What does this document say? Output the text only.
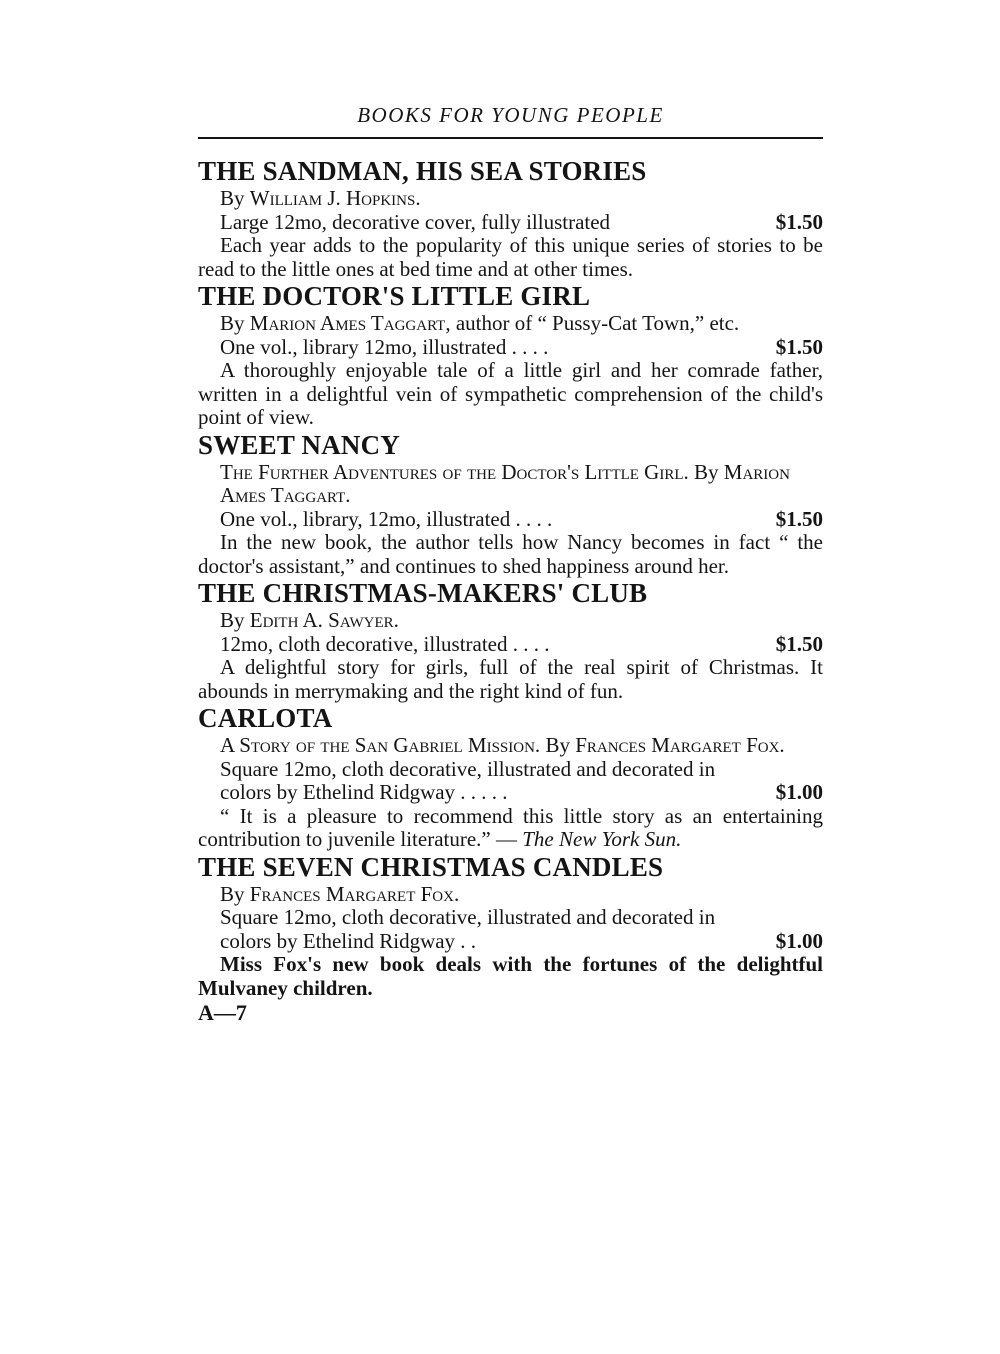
BOOKS FOR YOUNG PEOPLE

THE SANDMAN, HIS SEA STORIES

By William J. Hopkins.

Large 12mo, decorative cover, fully illustrated	$1.50

Each year adds to the popularity of this unique series of stories to be read to the little ones at bed time and at other times.

THE DOCTOR'S LITTLE GIRL

By Marion Ames Taggart, author of “ Pussy-Cat Town,” etc.

One vol., library 12mo, illustrated . . . .	$1.50

A thoroughly enjoyable tale of a little girl and her comrade father, written in a delightful vein of sympathetic comprehension of the child's point of view.

SWEET NANCY

The Further Adventures of the Doctor's Little Girl. By Marion Ames Taggart.

One vol., library, 12mo, illustrated . . . .	$1.50

In the new book, the author tells how Nancy becomes in fact “ the doctor's assistant,” and continues to shed happiness around her.

THE CHRISTMAS-MAKERS' CLUB

By Edith A. Sawyer.

12mo, cloth decorative, illustrated . . . .	$1.50

A delightful story for girls, full of the real spirit of Christmas. It abounds in merrymaking and the right kind of fun.

CARLOTA

A Story of the San Gabriel Mission. By Frances Margaret Fox.

Square 12mo, cloth decorative, illustrated and decorated in colors by Ethelind Ridgway . . . . .	$1.00

“ It is a pleasure to recommend this little story as an entertaining contribution to juvenile literature.” — The New York Sun.

THE SEVEN CHRISTMAS CANDLES

By Frances Margaret Fox.

Square 12mo, cloth decorative, illustrated and decorated in colors by Ethelind Ridgway . .	$1.00

Miss Fox's new book deals with the fortunes of the delightful Mulvaney children.

A—7
